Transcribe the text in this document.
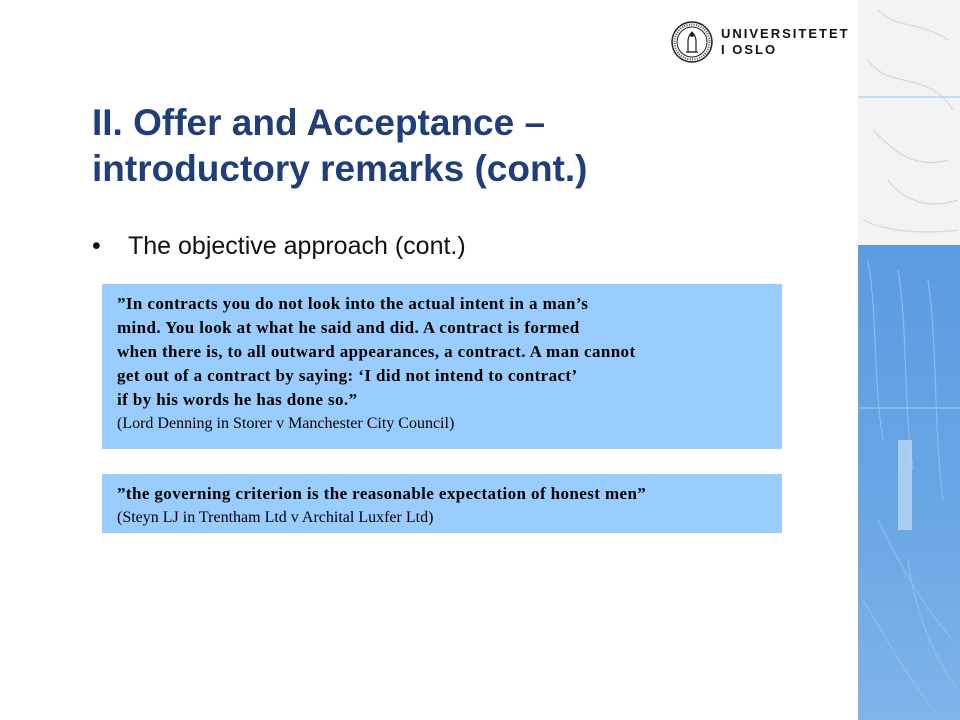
UNIVERSITETET
I OSLO
II. Offer and Acceptance –
introductory remarks (cont.)
•	The objective approach (cont.)
”In contracts you do not look into the actual intent in a man’s
mind. You look at what he said and did. A contract is formed
when there is, to all outward appearances, a contract. A man cannot
get out of a contract by saying: ‘I did not intend to contract’
if by his words he has done so.”
(Lord Denning in Storer v Manchester City Council)
”the governing criterion is the reasonable expectation of honest men”
(Steyn LJ in Trentham Ltd v Archital Luxfer Ltd)
